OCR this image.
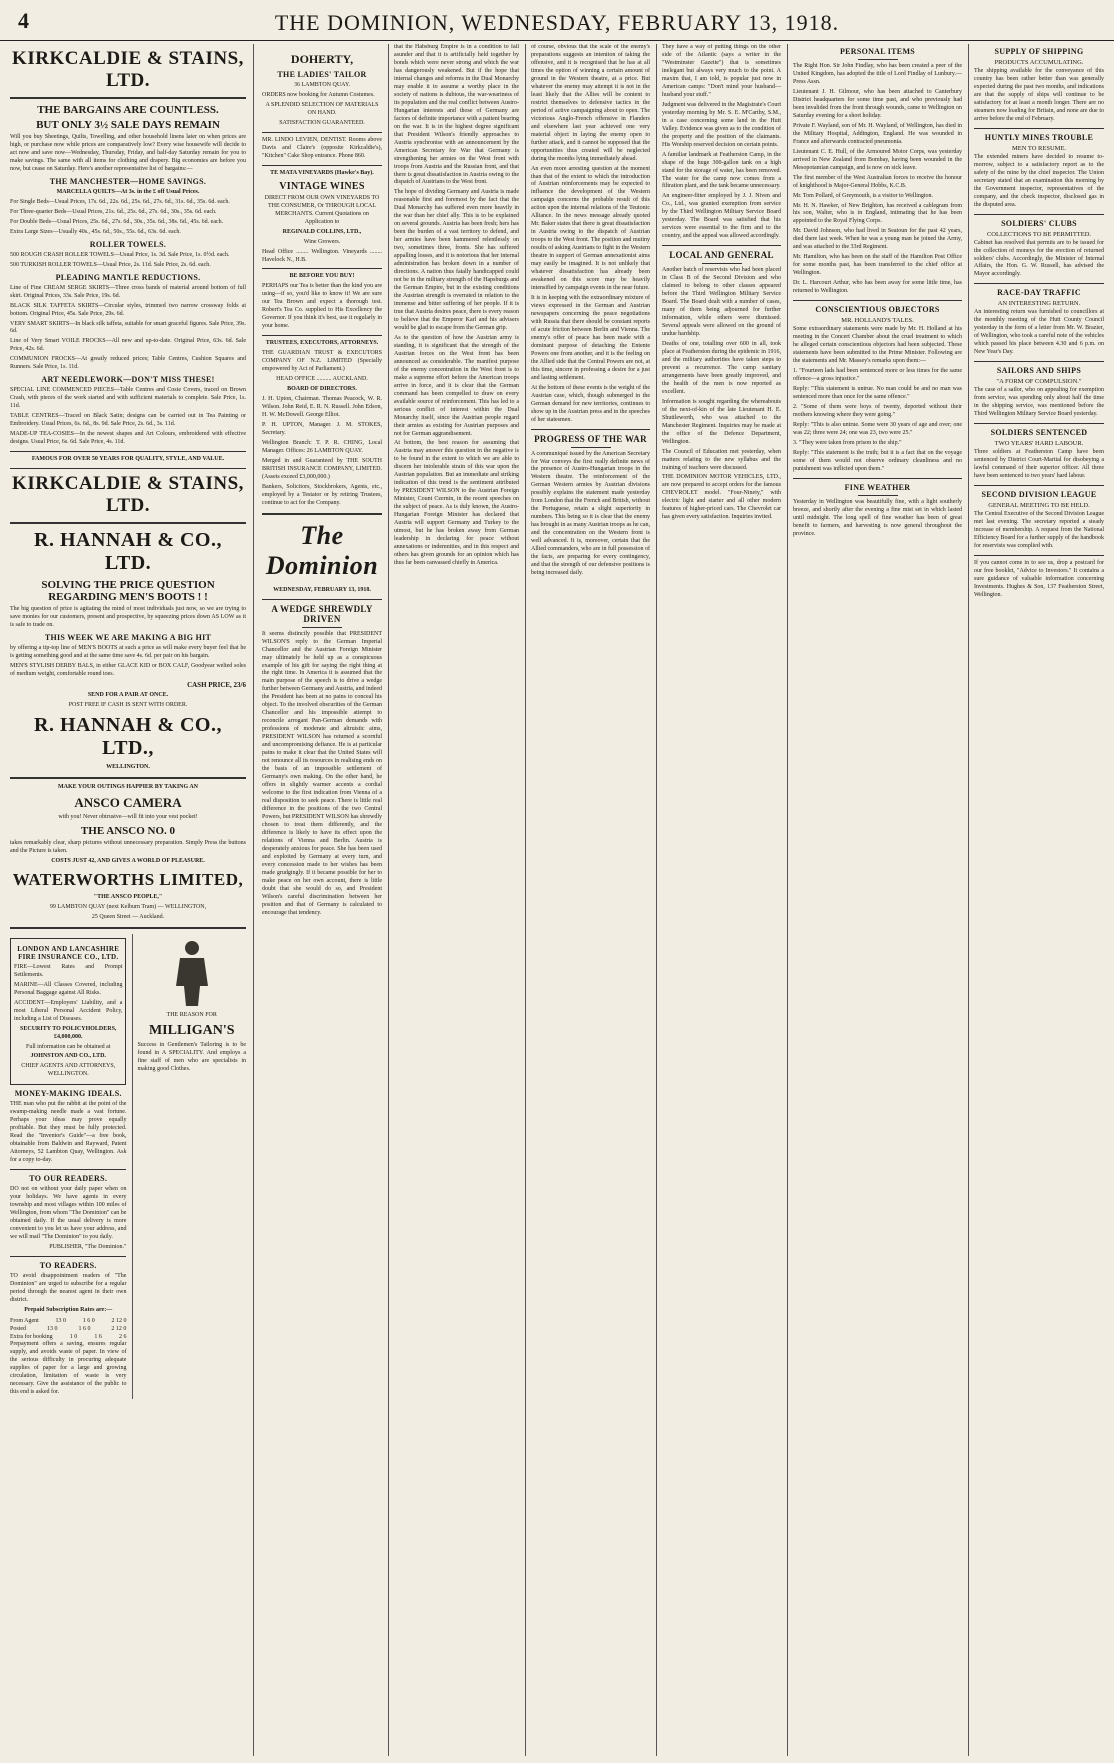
4	THE DOMINION, WEDNESDAY, FEBRUARY 13, 1918.
KIRKCALDIE & STAINS, LTD.
THE BARGAINS ARE COUNTLESS.
BUT ONLY 3½ SALE DAYS REMAIN

Will you buy Sheetings, Quilts, Towelling, and other household linens later on when prices are high, or purchase now while prices are comparatively low? Every wise housewife will decide to act now and save now—Wednesday, Thursday, Friday, and half-day Saturday remain for you to make savings. The same with all items for clothing and drapery. Big economies are before you now, but cease on Saturday. Here's another representative list of bargains:—

THE MANCHESTER—HOME SAVINGS.
MARCELLA QUILTS—At 3s. in the £ off Usual Prices.

For Single Beds—Usual Prices, 17s. 6d., 22s. 6d., 25s. 6d., 27s. 6d., 31s. 6d., 35s. 6d. each.

For Three-quarter Beds—Usual Prices, 21s. 6d., 25s. 6d., 27s. 6d., 30s., 35s. 6d. each.

For Double Beds—Usual Prices, 25s. 6d., 27s. 6d., 30s., 35s. 6d., 38s. 6d., 45s. 6d. each.

Extra Large Sizes—Usually 40s., 45s. 6d., 50s., 55s. 6d., 63s. 6d. each.

ROLLER TOWELS.

500 ROUGH CRASH ROLLER TOWELS—Usual Price, 1s. 3d. Sale Price, 1s. 0½d. each.

500 TURKISH ROLLER TOWELS—Usual Price, 2s. 11d. Sale Price, 2s. 6d. each.

PLEADING MANTLE REDUCTIONS.

Line of Fine CREAM SERGE SKIRTS—Three cross bands of material around bottom of full skirt. Original Prices, 33s. Sale Price, 19s. 6d.

BLACK SILK TAFFETA SKIRTS—Circular styles, trimmed two narrow crossway folds at bottom. Original Price, 45s. Sale Price, 29s. 6d.

VERY SMART SKIRTS—In black silk taffeta, suitable for smart graceful figures. Sale Price, 39s. 6d.

Line of Very Smart VOILE FROCKS—All new and up-to-date. Original Price, 63s. 6d. Sale Price, 42s. 6d.

COMMUNION FROCKS—At greatly reduced prices; Table Centres, Cushion Squares and Runners. Sale Price, 1s. 11d.

ART NEEDLEWORK—DON'T MISS THESE!

SPECIAL LINE COMMENCED PIECES—Table Centres and Cosie Covers, traced on Brown Crash, with pieces of the work started and with sufficient materials to complete. Sale Price, 1s. 11d.

TABLE CENTRES—Traced on Black Satin; designs can be carried out in Tea Painting or Embroidery. Usual Prices, 6s. 6d., 8s. 9d. Sale Price, 2s. 6d., 3s. 11d.

MADE-UP TEA-COSIES—In the newest shapes and Art Colours, embroidered with effective designs. Usual Price, 6s. 6d. Sale Price, 4s. 11d.

FAMOUS FOR OVER 50 YEARS FOR QUALITY, STYLE, AND VALUE.
KIRKCALDIE & STAINS, LTD.
R. HANNAH & CO., LTD.
SOLVING THE PRICE QUESTION REGARDING MEN'S BOOTS ! !

The big question of price is agitating the mind of most individuals just now, so we are trying to save monies for our customers, present and prospective, by squeezing prices down AS LOW as it is safe to trade on.

THIS WEEK WE ARE MAKING A BIG HIT

by offering a tip-top line of MEN'S BOOTS at such a price as will make every buyer feel that he is getting something good and at the same time save 4s. 6d. per pair on his bargain.

MEN'S STYLISH DERBY BALS, in either GLACE KID or BOX CALF, Goodyear welted soles of medium weight, comfortable round toes.

CASH PRICE, 23/6
SEND FOR A PAIR AT ONCE.
POST FREE IF CASH IS SENT WITH ORDER.
R. HANNAH & CO., LTD.,
WELLINGTON.
MAKE YOUR OUTINGS HAPPIER BY TAKING AN
ANSCO CAMERA
with you! Never obtrusive—will fit into your vest pocket!
THE ANSCO NO. 0

takes remarkably clear, sharp pictures without unnecessary preparation. Simply Press the buttons and the Picture is taken.

COSTS JUST 42, AND GIVES A WORLD OF PLEASURE.
WATERWORTHS LIMITED,
"THE ANSCO PEOPLE,"
99 LAMBTON QUAY (next Kelburn Tram) — WELLINGTON,
25 Queen Street — Auckland.
LONDON AND LANCASHIRE FIRE INSURANCE CO., LTD.

FIRE—Lowest Rates and Prompt Settlements.

MARINE—All Classes Covered, including Personal Baggage against All Risks.

ACCIDENT—Employers' Liability, and a most Liberal Personal Accident Policy, including a List of Diseases.

SECURITY TO POLICYHOLDERS, £4,000,000.

Full information can be obtained at

JOHNSTON AND CO., LTD.

CHIEF AGENTS AND ATTORNEYS, WELLINGTON.

MONEY-MAKING IDEALS.

THE man who put the rabbit at the point of the swamp-making needle made a vast fortune. Perhaps your ideas may prove equally profitable. But they must be fully protected. Read the "Inventor's Guide"—a free book, obtainable from Baldwin and Rayward, Patent Attorneys, 52 Lambton Quay, Wellington. Ask for a copy to-day.

TO OUR READERS.

DO not on without your daily paper when on your holidays. We have agents in every township and most villages within 100 miles of Wellington, from whom "The Dominion" can be obtained daily. If the usual delivery is more convenient to you let us have your address, and we will mail "The Dominion" to you daily.

PUBLISHER, "The Dominion."
TO READERS.

TO avoid disappointment readers of "The Dominion" are urged to subscribe for a regular period through the nearest agent in their own district.

Prepaid Subscription Rates are:—
From Agent	13 0	1 6 0	2 12 0
Posted	13 0	1 6 0	2 12 0
Extra for booking	1 0	1 6	2 6

Prepayment offers a saving, ensures regular supply, and avoids waste of paper. In view of the serious difficulty in procuring adequate supplies of paper for a large and growing circulation, limitation of waste is very necessary. Give the assistance of the public to this end is asked for.

THE REASON FOR
MILLIGAN'S

Success in Gentlemen's Tailoring is to be found in A SPECIALITY. And employs a fine staff of men who are specialists in making good Clothes.

DOHERTY,
THE LADIES' TAILOR
36 LAMBTON QUAY.

ORDERS now booking for Autumn Costumes.

A SPLENDID SELECTION OF MATERIALS ON HAND.
SATISFACTION GUARANTEED.

MR. LINDO LEVIEN, DENTIST. Rooms above Davis and Claire's (opposite Kirkcaldie's), "Kitchen" Cake Shop entrance. Phone 860.

TE MATA VINEYARDS (Hawke's Bay).
VINTAGE WINES

DIRECT FROM OUR OWN VINEYARDS TO THE CONSUMER, Or THROUGH LOCAL MERCHANTS. Current Quotations on Application to

REGINALD COLLINS, LTD.,
Wine Growers.

Head Office ........ Wellington. Vineyards ........ Havelock N., H.B.

BE BEFORE YOU BUY!

PERHAPS our Tea is better than the kind you are using—if so, you'd like to know it! We are sure our Tea Brown and expect a thorough test. Robert's Tea Co. supplied to His Excellency the Governor. If you think it's best, use it regularly in your home.

TRUSTEES, EXECUTORS, ATTORNEYS.

THE GUARDIAN TRUST & EXECUTORS COMPANY OF N.Z. LIMITED (Specially empowered by Act of Parliament.)

HEAD OFFICE .......... AUCKLAND.
BOARD OF DIRECTORS.

J. H. Upton, Chairman. Thomas Peacock, W. R. Wilson. John Reid, E. R. N. Russell. John Edson, H. W. McDowell. George Elliot.

P. H. UPTON, Manager. J. M. STOKES, Secretary.

Wellington Branch: T. P. R. CHING, Local Manager. Offices: 26 LAMBTON QUAY.

Merged in and Guaranteed by THE SOUTH BRITISH INSURANCE COMPANY, LIMITED. (Assets exceed £3,000,000.)

Bankers, Solicitors, Stockbrokers, Agents, etc., employed by a Testator or by retiring Trustees, continue to act for the Company.

The Dominion
WEDNESDAY, FEBRUARY 13, 1918.
A WEDGE SHREWDLY DRIVEN

It seems distinctly possible that PRESIDENT WILSON'S reply to the German Imperial Chancellor and the Austrian Foreign Minister may ultimately be held up as a conspicuous example of his gift for saying the right thing at the right time. In America it is assumed that the main purpose of the speech is to drive a wedge further between Germany and Austria, and indeed the President has been at no pains to conceal his object. To the involved obscurities of the German Chancellor and his impossible attempt to reconcile arrogant Pan-German demands with professions of moderate and altruistic aims, PRESIDENT WILSON has returned a scornful and uncompromising defiance. He is at particular pains to make it clear that the United States will not renounce all its resources in realising ends on the basis of an impossible settlement of Germany's own making. On the other hand, he offers in slightly warmer accents a cordial welcome to the first indication from Vienna of a real disposition to seek peace. There is little real difference in the positions of the two Central Powers, but PRESIDENT WILSON has shrewdly chosen to treat them differently, and the difference is likely to have its effect upon the relations of Vienna and Berlin. Austria is desperately anxious for peace. She has been used and exploited by Germany at every turn, and every concession made to her wishes has been made grudgingly. If it became possible for her to make peace on her own account, there is little doubt that she would do so, and President Wilson's careful discrimination between her position and that of Germany is calculated to encourage that tendency.

that the Habsburg Empire is in a condition to fall asunder and that it is artificially held together by bonds which were never strong and which the war has dangerously weakened. But if the hope that internal changes and reforms in the Dual Monarchy may enable it to assume a worthy place in the society of nations is dubious, the war-weariness of its population and the real conflict between Austro-Hungarian interests and those of Germany are factors of definite importance with a patient bearing on the war. It is in the highest degree significant that President Wilson's friendly approaches to Austria synchronise with an announcement by the American Secretary for War that Germany is strengthening her armies on the West front with troops from Austria and the Russian front, and that there is great dissatisfaction in Austria owing to the dispatch of Austrians to the West front.

The hope of dividing Germany and Austria is made reasonable first and foremost by the fact that the Dual Monarchy has suffered even more heavily in the war than her chief ally. This is to be explained on several grounds. Austria has been fresh; hers has been the burden of a vast territory to defend, and her armies have been hammered relentlessly on two, sometimes three, fronts. She has suffered appalling losses, and it is notorious that her internal administration has broken down in a number of directions. A nation thus fatally handicapped could not be in the military strength of the Hapsburgs and the German Empire, but in the existing conditions the Austrian strength is overrated in relation to the immense and bitter suffering of her people. If it is true that Austria desires peace, there is every reason to believe that the Emperor Karl and his advisers would be glad to escape from the German grip.

As to the question of how the Austrian army is standing, it is significant that the strength of the Austrian forces on the West front has been announced as considerable. The manifest purpose of the enemy concentration in the West front is to make a supreme effort before the American troops arrive in force, and it is clear that the German command has been compelled to draw on every available source of reinforcement. This has led to a serious conflict of interest within the Dual Monarchy itself, since the Austrian people regard their armies as existing for Austrian purposes and not for German aggrandisement.

At bottom, the best reason for assuming that Austria may answer this question in the negative is to be found in the extent to which we are able to discern her intolerable strain of this war upon the Austrian population. But an immediate and striking indication of this trend is the sentiment attributed by PRESIDENT WILSON to the Austrian Foreign Minister, Count Czernin, in the recent speeches on the subject of peace. As is duly known, the Austro-Hungarian Foreign Minister has declared that Austria will support Germany and Turkey to the utmost, but he has broken away from German leadership in declaring for peace without annexations or indemnities, and in this respect and others has given grounds for an opinion which has thus far been canvassed chiefly in America.

of course, obvious that the scale of the enemy's preparations suggests an intention of taking the offensive, and it is recognised that he has at all times the option of winning a certain amount of ground in the Western theatre, at a price. But whatever the enemy may attempt it is not in the least likely that the Allies will be content to restrict themselves to defensive tactics in the period of active campaigning about to open. The victorious Anglo-French offensive in Flanders and elsewhere last year achieved one very material object in laying the enemy open to further attack, and it cannot be supposed that the opportunities thus created will be neglected during the months lying immediately ahead.

An even more arresting question at the moment than that of the extent to which the introduction of Austrian reinforcements may be expected to influence the development of the Western campaign concerns the probable result of this action upon the internal relations of the Teutonic Alliance. In the news message already quoted Mr. Baker states that there is great dissatisfaction in Austria owing to the dispatch of Austrian troops to the West front. The position and mutiny results of asking Austrians to fight in the Western theatre in support of German annexationist aims may easily be imagined. It is not unlikely that whatever dissatisfaction has already been awakened on this score may be heavily intensified by campaign events in the near future.

It is in keeping with the extraordinary mixture of views expressed in the German and Austrian newspapers concerning the peace negotiations with Russia that there should be constant reports of acute friction between Berlin and Vienna. The enemy's offer of peace has been made with a dominant purpose of detaching the Entente Powers one from another, and it is the feeling on the Allied side that the Central Powers are not, at this time, sincere in professing a desire for a just and lasting settlement.

At the bottom of these events is the weight of the Austrian case, which, though submerged in the German demand for new territories, continues to show up in the Austrian press and in the speeches of her statesmen.

PROGRESS OF THE WAR

A communiqué issued by the American Secretary for War conveys the first really definite news of the presence of Austro-Hungarian troops in the Western theatre. The reinforcement of the German Western armies by Austrian divisions possibly explains the statement made yesterday from London that the French and British, without the Portuguese, retain a slight superiority in numbers. This being so it is clear that the enemy has brought in as many Austrian troops as he can, and the concentration on the Western front is well advanced. It is, moreover, certain that the Allied commanders, who are in full possession of the facts, are preparing for every contingency, and that the strength of our defensive positions is being increased daily.

They have a way of putting things on the other side of the Atlantic (says a writer in the "Westminster Gazette") that is sometimes inelegant but always very much to the point. A maxim that, I am told, is popular just now in American camps: "Don't mind your husband—husband your stuff."

Judgment was delivered in the Magistrate's Court yesterday morning by Mr. S. E. M'Carthy, S.M., in a case concerning some land in the Hutt Valley. Evidence was given as to the condition of the property and the position of the claimants. His Worship reserved decision on certain points.

A familiar landmark at Featherston Camp, in the shape of the huge 300-gallon tank on a high stand for the storage of water, has been removed. The water for the camp now comes from a filtration plant, and the tank became unnecessary.

An engineer-fitter employed by J. J. Niven and Co., Ltd., was granted exemption from service by the Third Wellington Military Service Board yesterday. The Board was satisfied that his services were essential to the firm and to the country, and the appeal was allowed accordingly.

LOCAL AND GENERAL

Another batch of reservists who had been placed in Class B of the Second Division and who claimed to belong to other classes appeared before the Third Wellington Military Service Board. The Board dealt with a number of cases, many of them being adjourned for further information, while others were dismissed. Several appeals were allowed on the ground of undue hardship.

Deaths of one, totalling over 600 in all, took place at Featherston during the epidemic in 1916, and the military authorities have taken steps to prevent a recurrence. The camp sanitary arrangements have been greatly improved, and the health of the men is now reported as excellent.

Information is sought regarding the whereabouts of the next-of-kin of the late Lieutenant H. E. Shuttleworth, who was attached to the Manchester Regiment. Inquiries may be made at the office of the Defence Department, Wellington.

The Council of Education met yesterday, when matters relating to the new syllabus and the training of teachers were discussed.

THE DOMINION MOTOR VEHICLES, LTD., are now prepared to accept orders for the famous CHEVROLET model. "Four-Ninety," with electric light and starter and all other modern features of higher-priced cars. The Chevrolet car has given every satisfaction. Inquiries invited.

PERSONAL ITEMS

The Right Hon. Sir John Findlay, who has been created a peer of the United Kingdom, has adopted the title of Lord Findlay of Lunbury.—Press Assn.

Lieutenant J. H. Gilmour, who has been attached to Canterbury District headquarters for some time past, and who previously had been invalided from the front through wounds, came to Wellington on Saturday evening for a short holiday.

Private F. Wayland, son of Mr. H. Wayland, of Wellington, has died in the Military Hospital, Addington, England. He was wounded in France and afterwards contracted pneumonia.

Lieutenant C. E. Hull, of the Armoured Motor Corps, was yesterday arrived in New Zealand from Bombay, having been wounded in the Mesopotamian campaign, and is now on sick leave.

The first member of the West Australian forces to receive the honour of knighthood is Major-General Hobbs, K.C.B.

Mr. Tom Pollard, of Greymouth, is a visitor to Wellington.

Mr. H. N. Hawker, of New Brighton, has received a cablegram from his son, Walter, who is in England, intimating that he has been appointed to the Royal Flying Corps.

Mr. David Johnson, who had lived in Seatoun for the past 42 years, died there last week. When he was a young man he joined the Army, and was attached to the 33rd Regiment.

Mr. Hamilton, who has been on the staff of the Hamilton Post Office for some months past, has been transferred to the chief office at Wellington.

Dr. L. Harcourt Arthur, who has been away for some little time, has returned to Wellington.

CONSCIENTIOUS OBJECTORS
MR. HOLLAND'S TALES.

Some extraordinary statements were made by Mr. H. Holland at his meeting in the Concert Chamber about the cruel treatment to which he alleged certain conscientious objectors had been subjected. These statements have been submitted to the Prime Minister. Following are the statements and Mr. Massey's remarks upon them:—

1. "Fourteen lads had been sentenced more or less times for the same offence—a gross injustice."

Reply: "This statement is untrue. No man could be and no man was sentenced more than once for the same offence."

2. "Some of them were boys of twenty, deported without their mothers knowing where they were going."

Reply: "This is also untrue. Some were 30 years of age and over; one was 22; three were 24; one was 23, two were 25."

3. "They were taken from prison to the ship."

Reply: "This statement is the truth; but it is a fact that on the voyage some of them would not observe ordinary cleanliness and no punishment was inflicted upon them."

FINE WEATHER

Yesterday in Wellington was beautifully fine, with a light southerly breeze, and shortly after the evening a fine mist set in which lasted until midnight. The long spell of fine weather has been of great benefit to farmers, and harvesting is now general throughout the province.

SUPPLY OF SHIPPING
PRODUCTS ACCUMULATING.

The shipping available for the conveyance of this country has been rather better than was generally expected during the past two months, and indications are that the supply of ships will continue to be satisfactory for at least a month longer. There are no steamers now loading for Britain, and none are due to arrive before the end of February.

HUNTLY MINES TROUBLE
MEN TO RESUME.

The extended miners have decided to resume to-morrow, subject to a satisfactory report as to the safety of the mine by the chief inspector. The Union secretary stated that an examination this morning by the Government inspector, representatives of the company, and the check inspector, disclosed gas in the disputed area.

SOLDIERS' CLUBS
COLLECTIONS TO BE PERMITTED.

Cabinet has resolved that permits are to be issued for the collection of moneys for the erection of returned soldiers' clubs. Accordingly, the Minister of Internal Affairs, the Hon. G. W. Russell, has advised the Mayor accordingly.

RACE-DAY TRAFFIC
AN INTERESTING RETURN.

An interesting return was furnished to councillors at the monthly meeting of the Hutt County Council yesterday in the form of a letter from Mr. W. Brazier, of Wellington, who took a careful note of the vehicles which passed his place between 4.30 and 6 p.m. on New Year's Day.

SAILORS AND SHIPS
"A FORM OF COMPULSION."

The case of a sailor, who on appealing for exemption from service, was spending only about half the time in the shipping service, was mentioned before the Third Wellington Military Service Board yesterday.

SOLDIERS SENTENCED
TWO YEARS' HARD LABOUR.

Three soldiers at Featherston Camp have been sentenced by District Court-Martial for disobeying a lawful command of their superior officer. All three have been sentenced to two years' hard labour.

SECOND DIVISION LEAGUE
GENERAL MEETING TO BE HELD.

The Central Executive of the Second Division League met last evening. The secretary reported a steady increase of membership. A request from the National Efficiency Board for a further supply of the handbook for reservists was complied with.

If you cannot come in to see us, drop a postcard for our free booklet, "Advice to Investors." It contains a sure guidance of valuable information concerning Investments. Hughes & Son, 137 Featherston Street, Wellington.
